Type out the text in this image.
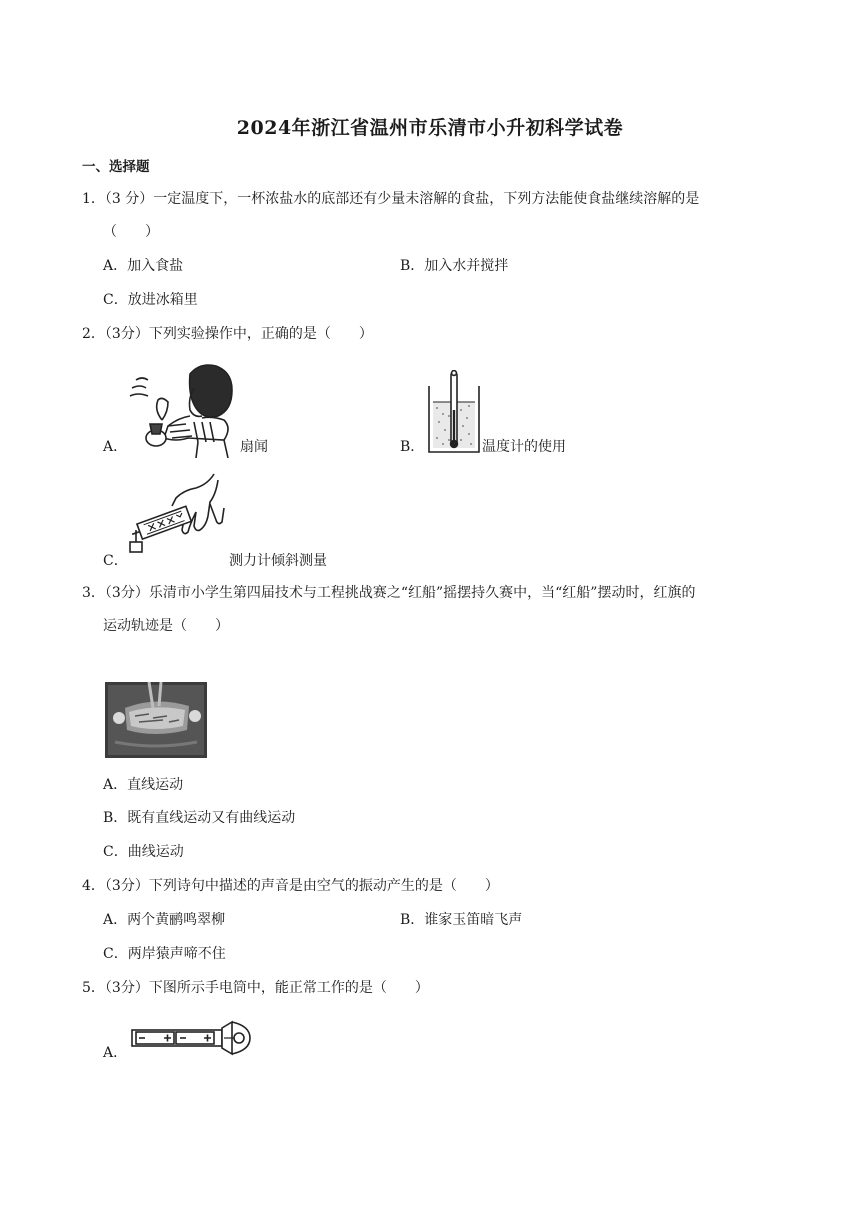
2024年浙江省温州市乐清市小升初科学试卷
一、选择题
1．（3 分）一定温度下，一杯浓盐水的底部还有少量未溶解的食盐，下列方法能使食盐继续溶解的是
（　　）
A．加入食盐	B．加入水并搅拌
C．放进冰箱里
2．（3分）下列实验操作中，正确的是（　　）
A．	扇闻	B．	温度计的使用
C．	测力计倾斜测量
3．（3分）乐清市小学生第四届技术与工程挑战赛之“红船”摇摆持久赛中，当“红船”摆动时，红旗的
运动轨迹是（　　）
A．直线运动
B．既有直线运动又有曲线运动
C．曲线运动
4．（3分）下列诗句中描述的声音是由空气的振动产生的是（　　）
A．两个黄鹂鸣翠柳	B．谁家玉笛暗飞声
C．两岸猿声啼不住
5．（3分）下图所示手电筒中，能正常工作的是（　　）
A．
